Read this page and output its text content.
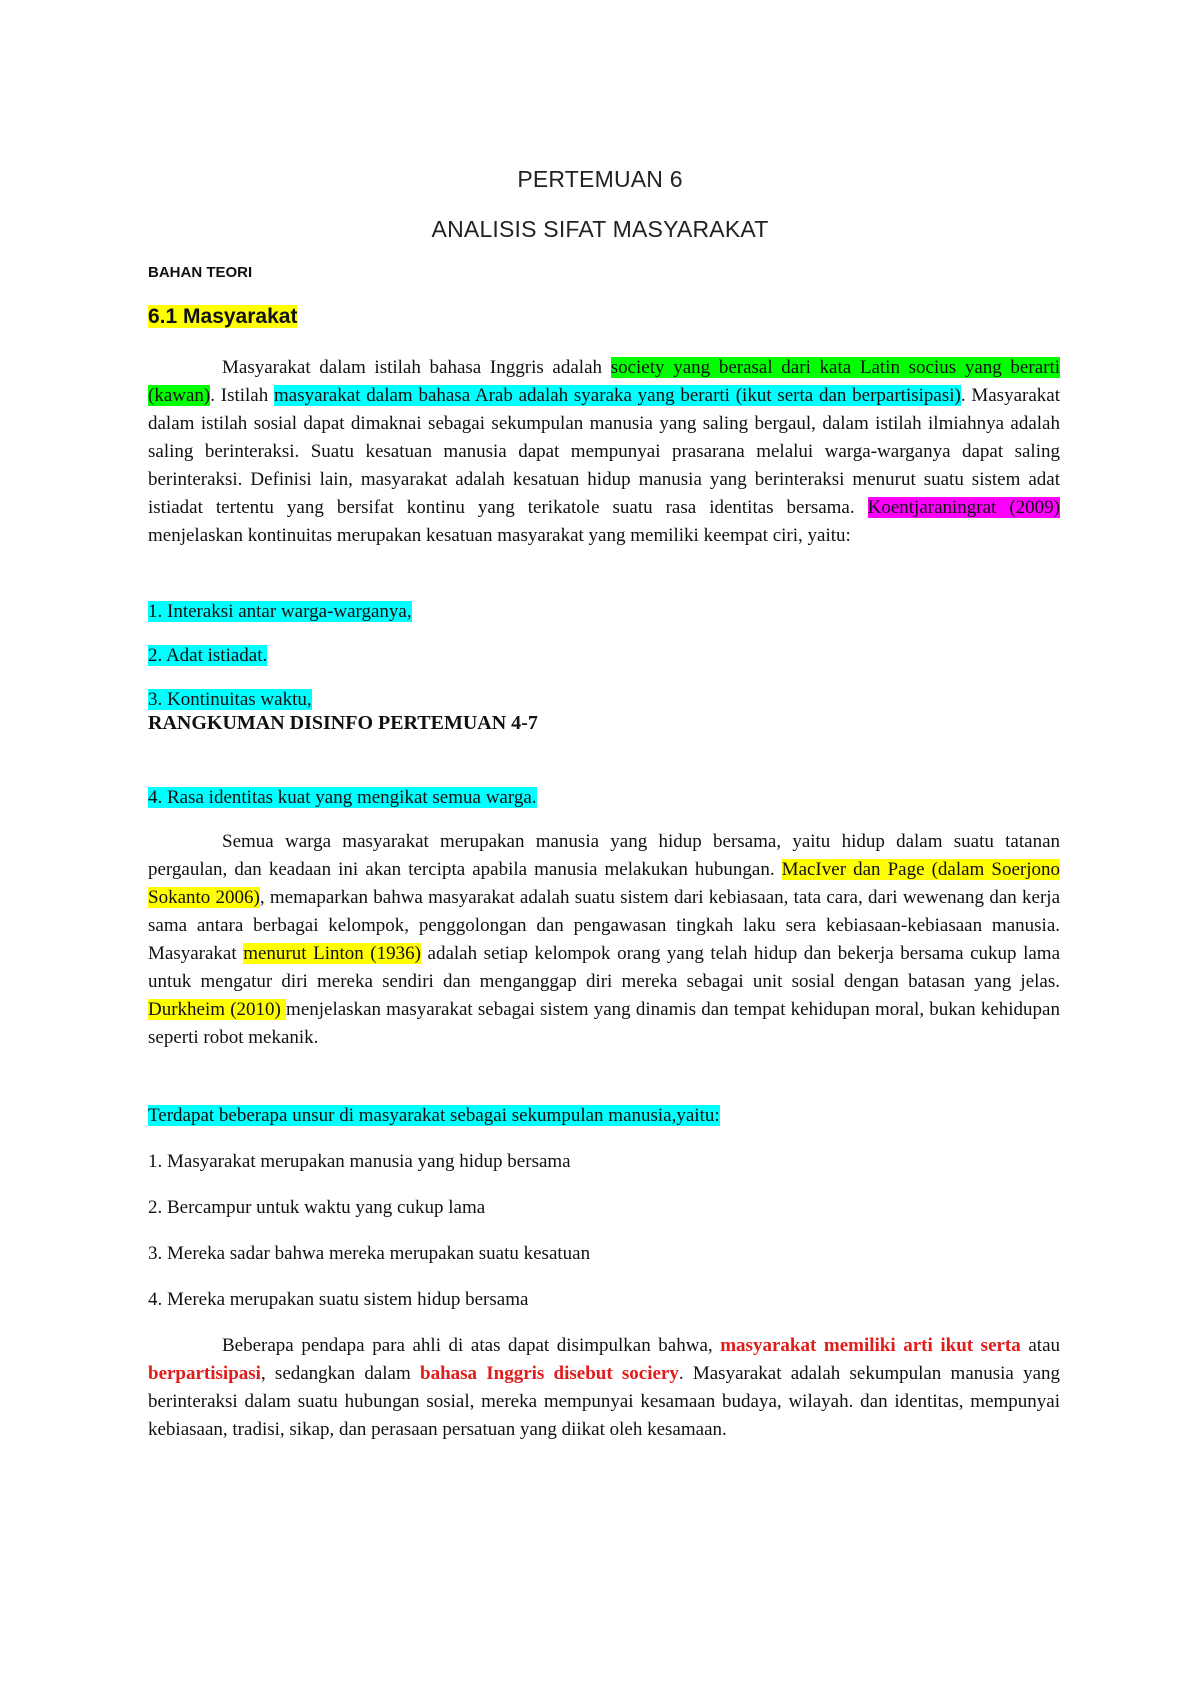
PERTEMUAN 6
ANALISIS SIFAT MASYARAKAT
BAHAN TEORI
6.1 Masyarakat

Masyarakat dalam istilah bahasa Inggris adalah society yang berasal dari kata Latin socius yang berarti (kawan). Istilah masyarakat dalam bahasa Arab adalah syaraka yang berarti (ikut serta dan berpartisipasi). Masyarakat dalam istilah sosial dapat dimaknai sebagai sekumpulan manusia yang saling bergaul, dalam istilah ilmiahnya adalah saling berinteraksi. Suatu kesatuan manusia dapat mempunyai prasarana melalui warga-warganya dapat saling berinteraksi. Definisi lain, masyarakat adalah kesatuan hidup manusia yang berinteraksi menurut suatu sistem adat istiadat tertentu yang bersifat kontinu yang terikatole suatu rasa identitas bersama. Koentjaraningrat (2009) menjelaskan kontinuitas merupakan kesatuan masyarakat yang memiliki keempat ciri, yaitu:

1. Interaksi antar warga-warganya,
2. Adat istiadat.
3. Kontinuitas waktu,
RANGKUMAN DISINFO PERTEMUAN 4-7
4. Rasa identitas kuat yang mengikat semua warga.

Semua warga masyarakat merupakan manusia yang hidup bersama, yaitu hidup dalam suatu tatanan pergaulan, dan keadaan ini akan tercipta apabila manusia melakukan hubungan. MacIver dan Page (dalam Soerjono Sokanto 2006), memaparkan bahwa masyarakat adalah suatu sistem dari kebiasaan, tata cara, dari wewenang dan kerja sama antara berbagai kelompok, penggolongan dan pengawasan tingkah laku sera kebiasaan-kebiasaan manusia. Masyarakat menurut Linton (1936) adalah setiap kelompok orang yang telah hidup dan bekerja bersama cukup lama untuk mengatur diri mereka sendiri dan menganggap diri mereka sebagai unit sosial dengan batasan yang jelas. Durkheim (2010) menjelaskan masyarakat sebagai sistem yang dinamis dan tempat kehidupan moral, bukan kehidupan seperti robot mekanik.

Terdapat beberapa unsur di masyarakat sebagai sekumpulan manusia,yaitu:
1. Masyarakat merupakan manusia yang hidup bersama
2. Bercampur untuk waktu yang cukup lama
3. Mereka sadar bahwa mereka merupakan suatu kesatuan
4. Mereka merupakan suatu sistem hidup bersama

Beberapa pendapa para ahli di atas dapat disimpulkan bahwa, masyarakat memiliki arti ikut serta atau berpartisipasi, sedangkan dalam bahasa Inggris disebut sociery. Masyarakat adalah sekumpulan manusia yang berinteraksi dalam suatu hubungan sosial, mereka mempunyai kesamaan budaya, wilayah. dan identitas, mempunyai kebiasaan, tradisi, sikap, dan perasaan persatuan yang diikat oleh kesamaan.
